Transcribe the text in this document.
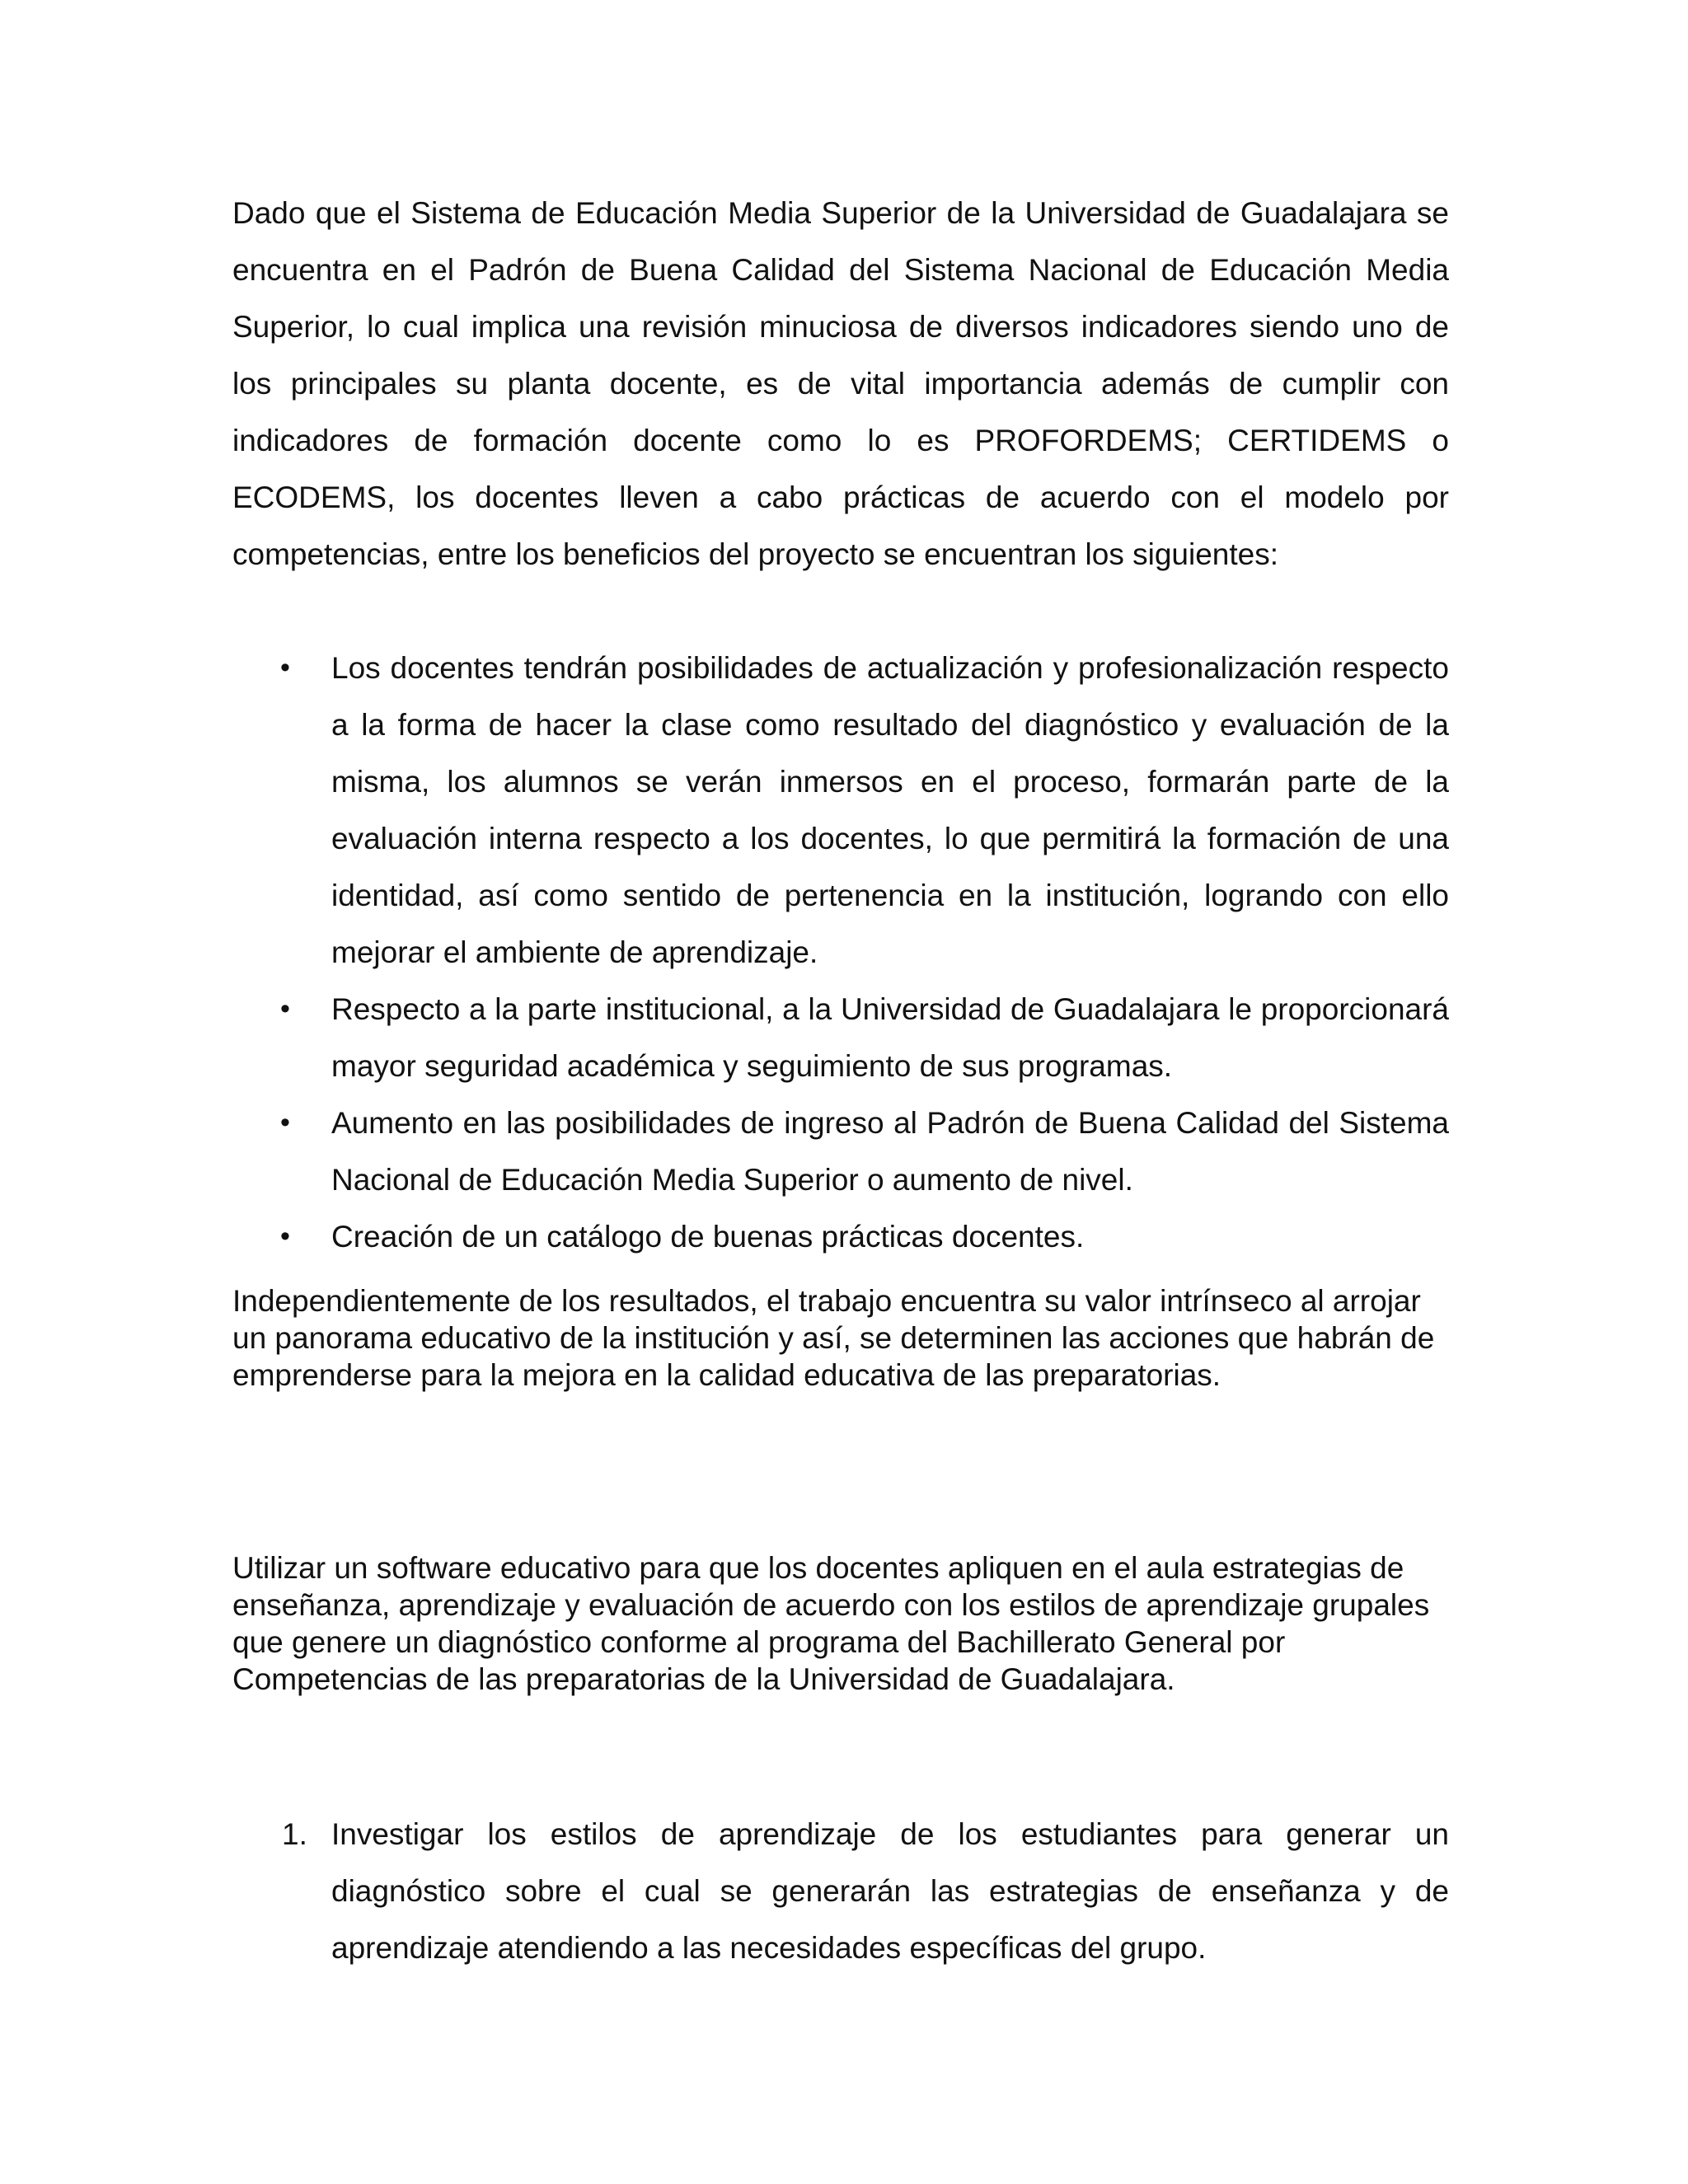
Dado que el Sistema de Educación Media Superior de la Universidad de Guadalajara se encuentra en el Padrón de Buena Calidad del Sistema Nacional de Educación Media Superior, lo cual implica una revisión minuciosa de diversos indicadores siendo uno de los principales su planta docente, es de vital importancia además de cumplir con indicadores de formación docente como lo es PROFORDEMS; CERTIDEMS o ECODEMS, los docentes lleven a cabo prácticas de acuerdo con el modelo por competencias, entre los beneficios del proyecto se encuentran los siguientes:

• Los docentes tendrán posibilidades de actualización y profesionalización respecto a la forma de hacer la clase como resultado del diagnóstico y evaluación de la misma, los alumnos se verán inmersos en el proceso, formarán parte de la evaluación interna respecto a los docentes, lo que permitirá la formación de una identidad, así como sentido de pertenencia en la institución, logrando con ello mejorar el ambiente de aprendizaje.
• Respecto a la parte institucional, a la Universidad de Guadalajara le proporcionará mayor seguridad académica y seguimiento de sus programas.
• Aumento en las posibilidades de ingreso al Padrón de Buena Calidad del Sistema Nacional de Educación Media Superior o aumento de nivel.
• Creación de un catálogo de buenas prácticas docentes.

Independientemente de los resultados, el trabajo encuentra su valor intrínseco al arrojar un panorama educativo de la institución y así, se determinen las acciones que habrán de emprenderse para la mejora en la calidad educativa de las preparatorias.

Utilizar un software educativo para que los docentes apliquen en el aula estrategias de enseñanza, aprendizaje y evaluación de acuerdo con los estilos de aprendizaje grupales que genere un diagnóstico conforme al programa del Bachillerato General por Competencias de las preparatorias de la Universidad de Guadalajara.

1. Investigar los estilos de aprendizaje de los estudiantes para generar un diagnóstico sobre el cual se generarán las estrategias de enseñanza y de aprendizaje atendiendo a las necesidades específicas del grupo.
